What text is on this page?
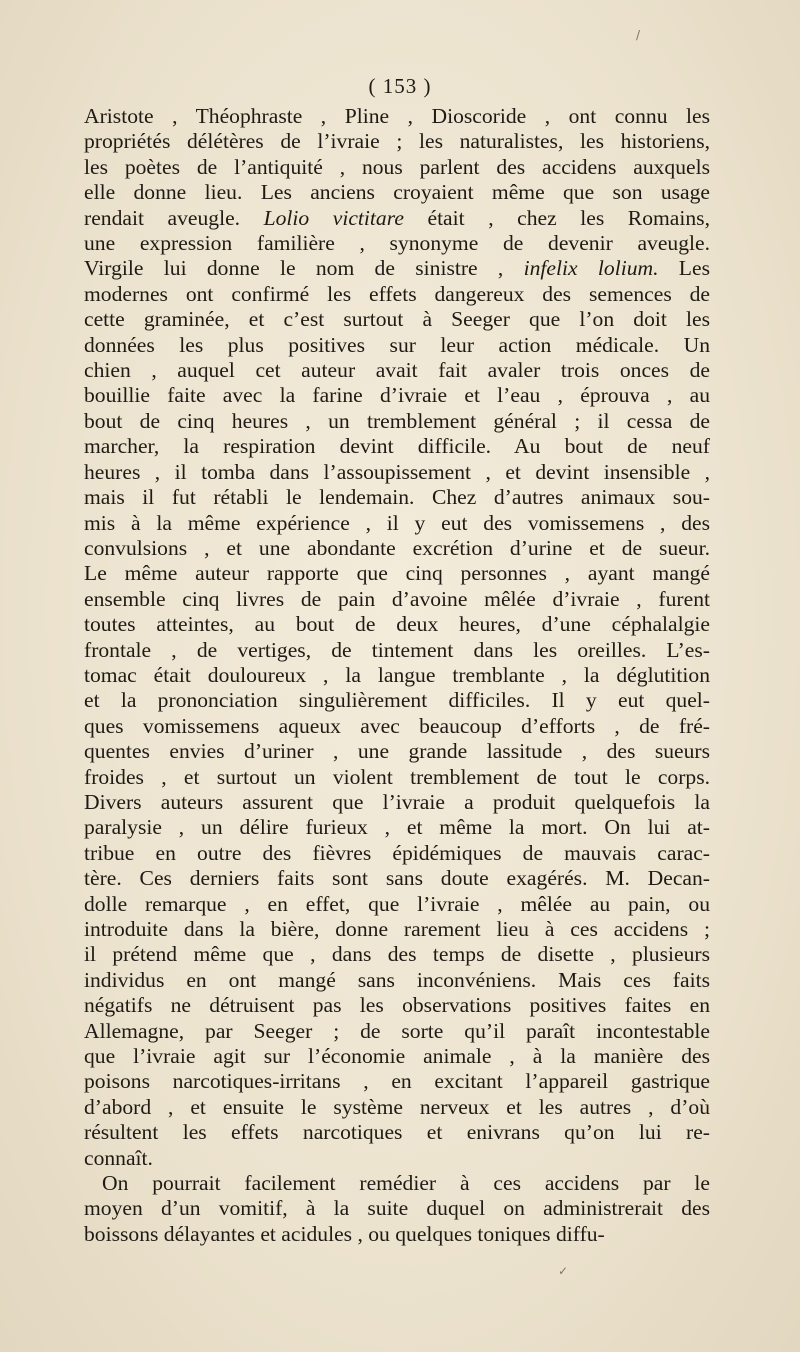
/
( 153 )
Aristote , Théophraste , Pline , Dioscoride , ont connu les
propriétés délétères de l’ivraie ; les naturalistes, les historiens,
les poètes de l’antiquité , nous parlent des accidens auxquels
elle donne lieu. Les anciens croyaient même que son usage
rendait aveugle. Lolio victitare était , chez les Romains,
une expression familière , synonyme de devenir aveugle.
Virgile lui donne le nom de sinistre , infelix lolium. Les
modernes ont confirmé les effets dangereux des semences de
cette graminée, et c’est surtout à Seeger que l’on doit les
données les plus positives sur leur action médicale. Un
chien , auquel cet auteur avait fait avaler trois onces de
bouillie faite avec la farine d’ivraie et l’eau , éprouva , au
bout de cinq heures , un tremblement général ; il cessa de
marcher, la respiration devint difficile. Au bout de neuf
heures , il tomba dans l’assoupissement , et devint insensible ,
mais il fut rétabli le lendemain. Chez d’autres animaux sou-
mis à la même expérience , il y eut des vomissemens , des
convulsions , et une abondante excrétion d’urine et de sueur.
Le même auteur rapporte que cinq personnes , ayant mangé
ensemble cinq livres de pain d’avoine mêlée d’ivraie , furent
toutes atteintes, au bout de deux heures, d’une céphalalgie
frontale , de vertiges, de tintement dans les oreilles. L’es-
tomac était douloureux , la langue tremblante , la déglutition
et la prononciation singulièrement difficiles. Il y eut quel-
ques vomissemens aqueux avec beaucoup d’efforts , de fré-
quentes envies d’uriner , une grande lassitude , des sueurs
froides , et surtout un violent tremblement de tout le corps.
Divers auteurs assurent que l’ivraie a produit quelquefois la
paralysie , un délire furieux , et même la mort. On lui at-
tribue en outre des fièvres épidémiques de mauvais carac-
tère. Ces derniers faits sont sans doute exagérés. M. Decan-
dolle remarque , en effet, que l’ivraie , mêlée au pain, ou
introduite dans la bière, donne rarement lieu à ces accidens ;
il prétend même que , dans des temps de disette , plusieurs
individus en ont mangé sans inconvéniens. Mais ces faits
négatifs ne détruisent pas les observations positives faites en
Allemagne, par Seeger ; de sorte qu’il paraît incontestable
que l’ivraie agit sur l’économie animale , à la manière des
poisons narcotiques-irritans , en excitant l’appareil gastrique
d’abord , et ensuite le système nerveux et les autres , d’où
résultent les effets narcotiques et enivrans qu’on lui re-
connaît.
On pourrait facilement remédier à ces accidens par le
moyen d’un vomitif, à la suite duquel on administrerait des
boissons délayantes et acidules , ou quelques toniques diffu-
✓
